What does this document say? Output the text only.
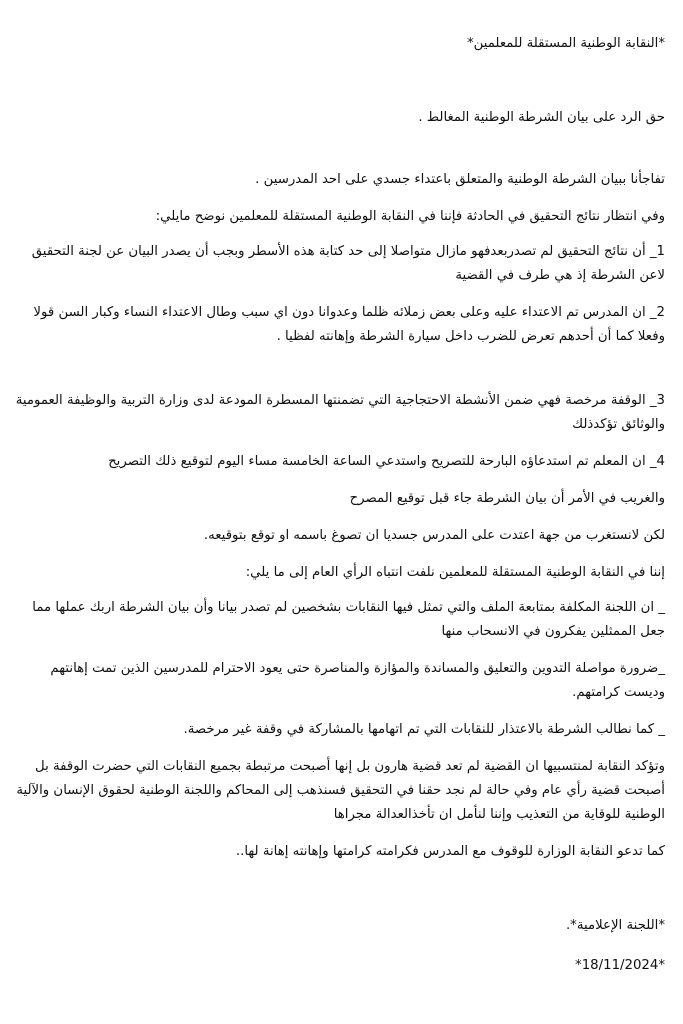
*النقابة الوطنية المستقلة للمعلمين*

حق الرد على بيان الشرطة الوطنية المغالط .

تفاجأنا ببيان الشرطة الوطنية والمتعلق باعتداء جسدي على احد المدرسين .

وفي انتظار نتائج التحقيق في الحادثة فإننا في النقابة الوطنية المستقلة للمعلمين نوضح مايلي:

1_ أن نتائج التحقيق لم تصدربعدفهو مازال متواصلا إلى حد كتابة هذه الأسطر وبجب أن يصدر البيان عن لجنة التحقيق لاعن الشرطة إذ هي طرف في القضية

2_ ان المدرس تم الاعتداء عليه وعلى بعض زملائه ظلما وعدوانا دون اي سبب وطال الاعتداء النساء وكبار السن قولا وفعلا كما أن أحدهم تعرض للضرب داخل سيارة الشرطة وإهانته لفظيا .

3_ الوقفة مرخصة فهي ضمن الأنشطة الاحتجاجية التي تضمنتها المسطرة المودعة لدى وزارة التربية والوظيفة العمومية والوثائق تؤكدذلك

4_ ان المعلم تم استدعاؤه البارحة للتصريح واستدعي الساعة الخامسة مساء اليوم لتوقيع ذلك التصريح

والغريب في الأمر أن بيان الشرطة جاء قبل توقيع المصرح

لكن لانستغرب من جهة اعتدت على المدرس جسديا ان تصوغ باسمه او توقع بتوقيعه.

إننا في النقابة الوطنية المستقلة للمعلمين نلفت انتباه الرأي العام إلى ما يلي:

_ ان اللجنة المكلفة بمتابعة الملف والتي تمثل فيها النقابات بشخصين لم تصدر بيانا وأن بيان الشرطة اربك عملها مما جعل الممثلين يفكرون في الانسحاب منها

_ضرورة مواصلة التدوين والتعليق والمساندة والمؤازة والمناصرة حتى يعود الاحترام للمدرسين الذين تمت إهانتهم وديست كرامتهم.

_ كما نطالب الشرطة بالاعتذار للنقابات التي تم اتهامها بالمشاركة في وقفة غير مرخصة.

وتؤكد النقابة لمنتسبيها ان القضية لم تعد قضية هارون بل إنها أصبحت مرتبطة بجميع النقابات التي حضرت الوقفة بل أصبحت قضية رأي عام وفي حالة لم نجد حقنا في التحقيق فسنذهب إلى المحاكم واللجنة الوطنية لحقوق الإنسان والآلية الوطنية للوقاية من التعذيب وإننا لنأمل ان تأخذالعدالة مجراها

كما تدعو النقابة الوزارة للوقوف مع المدرس فكرامته كرامتها وإهانته إهانة لها..

*اللجنة الإعلامية*.

*18/11/2024*
